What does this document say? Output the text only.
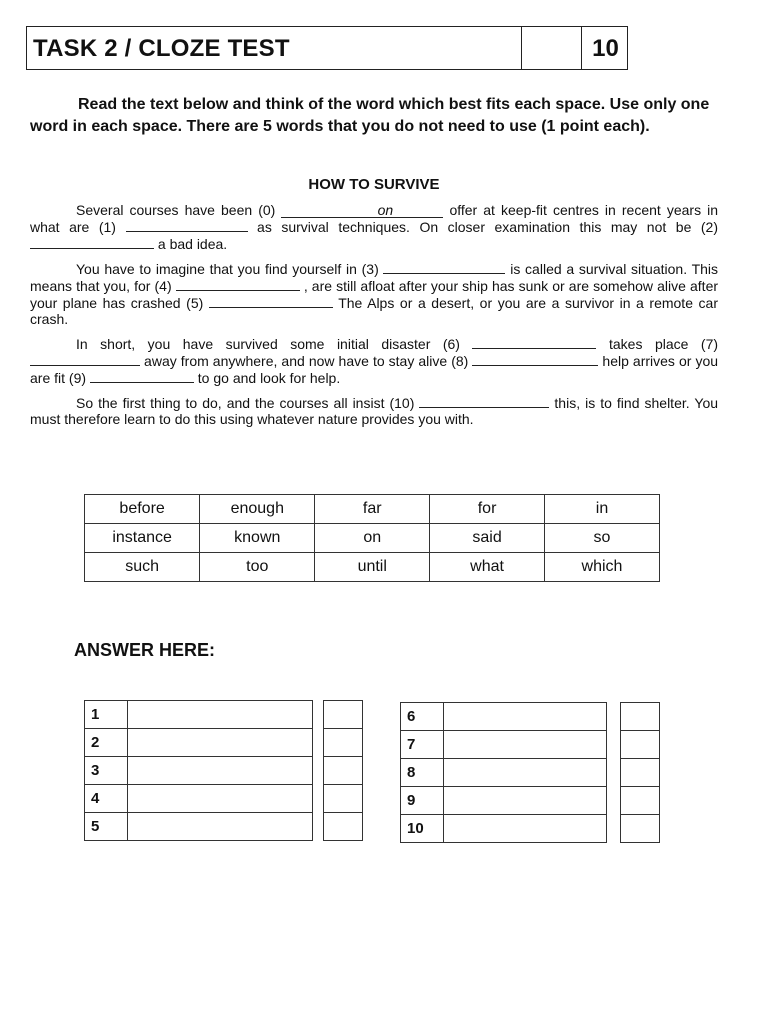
TASK 2 / CLOZE TEST	10
Read the text below and think of the word which best fits each space. Use only one word in each space. There are 5 words that you do not need to use (1 point each).
HOW TO SURVIVE

Several courses have been (0)	on	offer at keep-fit centres in recent years in what are (1)	as survival techniques. On closer examination this may not be (2)  a bad idea.

You have to imagine that you find yourself in (3)	is called a survival situation. This means that you, for (4)	, are still afloat after your ship has sunk or are somehow alive after your plane has crashed (5)	The Alps or a desert, or you are a survivor in a remote car crash.

In short, you have survived some initial disaster (6)	takes place (7)  away from anywhere, and now have to stay alive (8)	help arrives or you are fit (9)	to go and look for help.

So the first thing to do, and the courses all insist (10)	this, is to find shelter. You must therefore learn to do this using whatever nature provides you with.

before	enough	far	for	in
instance	known	on	said	so
such	too	until	what	which
ANSWER HERE:
1	
2	
3	
4	
5	

6	
7	
8	
9	
10	
